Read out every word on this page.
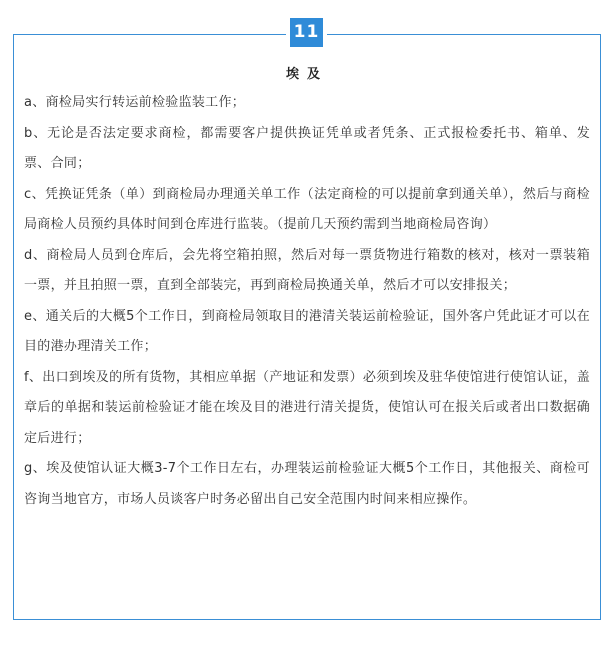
11
埃及

a、商检局实行转运前检验监装工作；

b、无论是否法定要求商检，都需要客户提供换证凭单或者凭条、正式报检委托书、箱单、发票、合同；

c、凭换证凭条（单）到商检局办理通关单工作（法定商检的可以提前拿到通关单），然后与商检局商检人员预约具体时间到仓库进行监装。（提前几天预约需到当地商检局咨询）

d、商检局人员到仓库后，会先将空箱拍照，然后对每一票货物进行箱数的核对，核对一票装箱一票，并且拍照一票，直到全部装完，再到商检局换通关单，然后才可以安排报关；

e、通关后的大概5个工作日，到商检局领取目的港清关装运前检验证，国外客户凭此证才可以在目的港办理清关工作；

f、出口到埃及的所有货物，其相应单据（产地证和发票）必须到埃及驻华使馆进行使馆认证，盖章后的单据和装运前检验证才能在埃及目的港进行清关提货，使馆认可在报关后或者出口数据确定后进行；

g、埃及使馆认证大概3-7个工作日左右，办理装运前检验证大概5个工作日，其他报关、商检可咨询当地官方，市场人员谈客户时务必留出自己安全范围内时间来相应操作。
